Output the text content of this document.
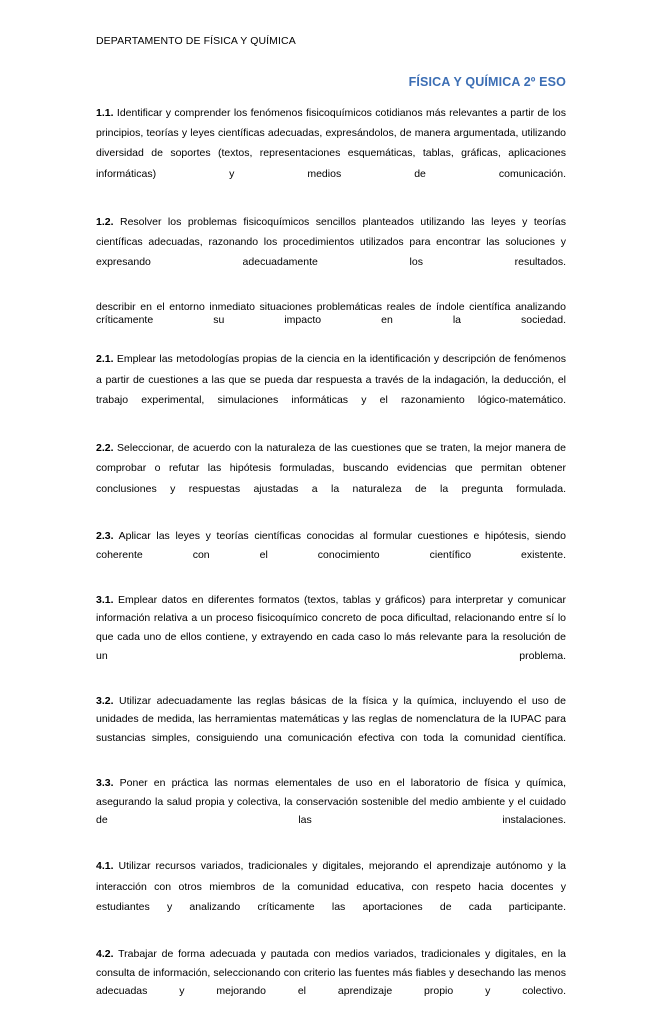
DEPARTAMENTO DE FÍSICA Y QUÍMICA
FÍSICA Y QUÍMICA 2º ESO

1.1. Identificar y comprender los fenómenos fisicoquímicos cotidianos más relevantes a partir de los principios, teorías y leyes científicas adecuadas, expresándolos, de manera argumentada, utilizando diversidad de soportes (textos, representaciones esquemáticas, tablas, gráficas, aplicaciones informáticas) y medios de comunicación.

1.2. Resolver los problemas fisicoquímicos sencillos planteados utilizando las leyes y teorías científicas adecuadas, razonando los procedimientos utilizados para encontrar las soluciones y expresando adecuadamente los resultados.

describir en el entorno inmediato situaciones problemáticas reales de índole científica analizando críticamente su impacto en la sociedad.

2.1. Emplear las metodologías propias de la ciencia en la identificación y descripción de fenómenos a partir de cuestiones a las que se pueda dar respuesta a través de la indagación, la deducción, el trabajo experimental, simulaciones informáticas y el razonamiento lógico-matemático.

2.2. Seleccionar, de acuerdo con la naturaleza de las cuestiones que se traten, la mejor manera de comprobar o refutar las hipótesis formuladas, buscando evidencias que permitan obtener conclusiones y respuestas ajustadas a la naturaleza de la pregunta formulada.

2.3. Aplicar las leyes y teorías científicas conocidas al formular cuestiones e hipótesis, siendo coherente con el conocimiento científico existente.

3.1. Emplear datos en diferentes formatos (textos, tablas y gráficos) para interpretar y comunicar información relativa a un proceso fisicoquímico concreto de poca dificultad, relacionando entre sí lo que cada uno de ellos contiene, y extrayendo en cada caso lo más relevante para la resolución de un problema.

3.2. Utilizar adecuadamente las reglas básicas de la física y la química, incluyendo el uso de unidades de medida, las herramientas matemáticas y las reglas de nomenclatura de la IUPAC para sustancias simples, consiguiendo una comunicación efectiva con toda la comunidad científica.

3.3. Poner en práctica las normas elementales de uso en el laboratorio de física y química, asegurando la salud propia y colectiva, la conservación sostenible del medio ambiente y el cuidado de las instalaciones.

4.1. Utilizar recursos variados, tradicionales y digitales, mejorando el aprendizaje autónomo y la interacción con otros miembros de la comunidad educativa, con respeto hacia docentes y estudiantes y analizando críticamente las aportaciones de cada participante.

4.2. Trabajar de forma adecuada y pautada con medios variados, tradicionales y digitales, en la consulta de información, seleccionando con criterio las fuentes más fiables y desechando las menos adecuadas y mejorando el aprendizaje propio y colectivo.
